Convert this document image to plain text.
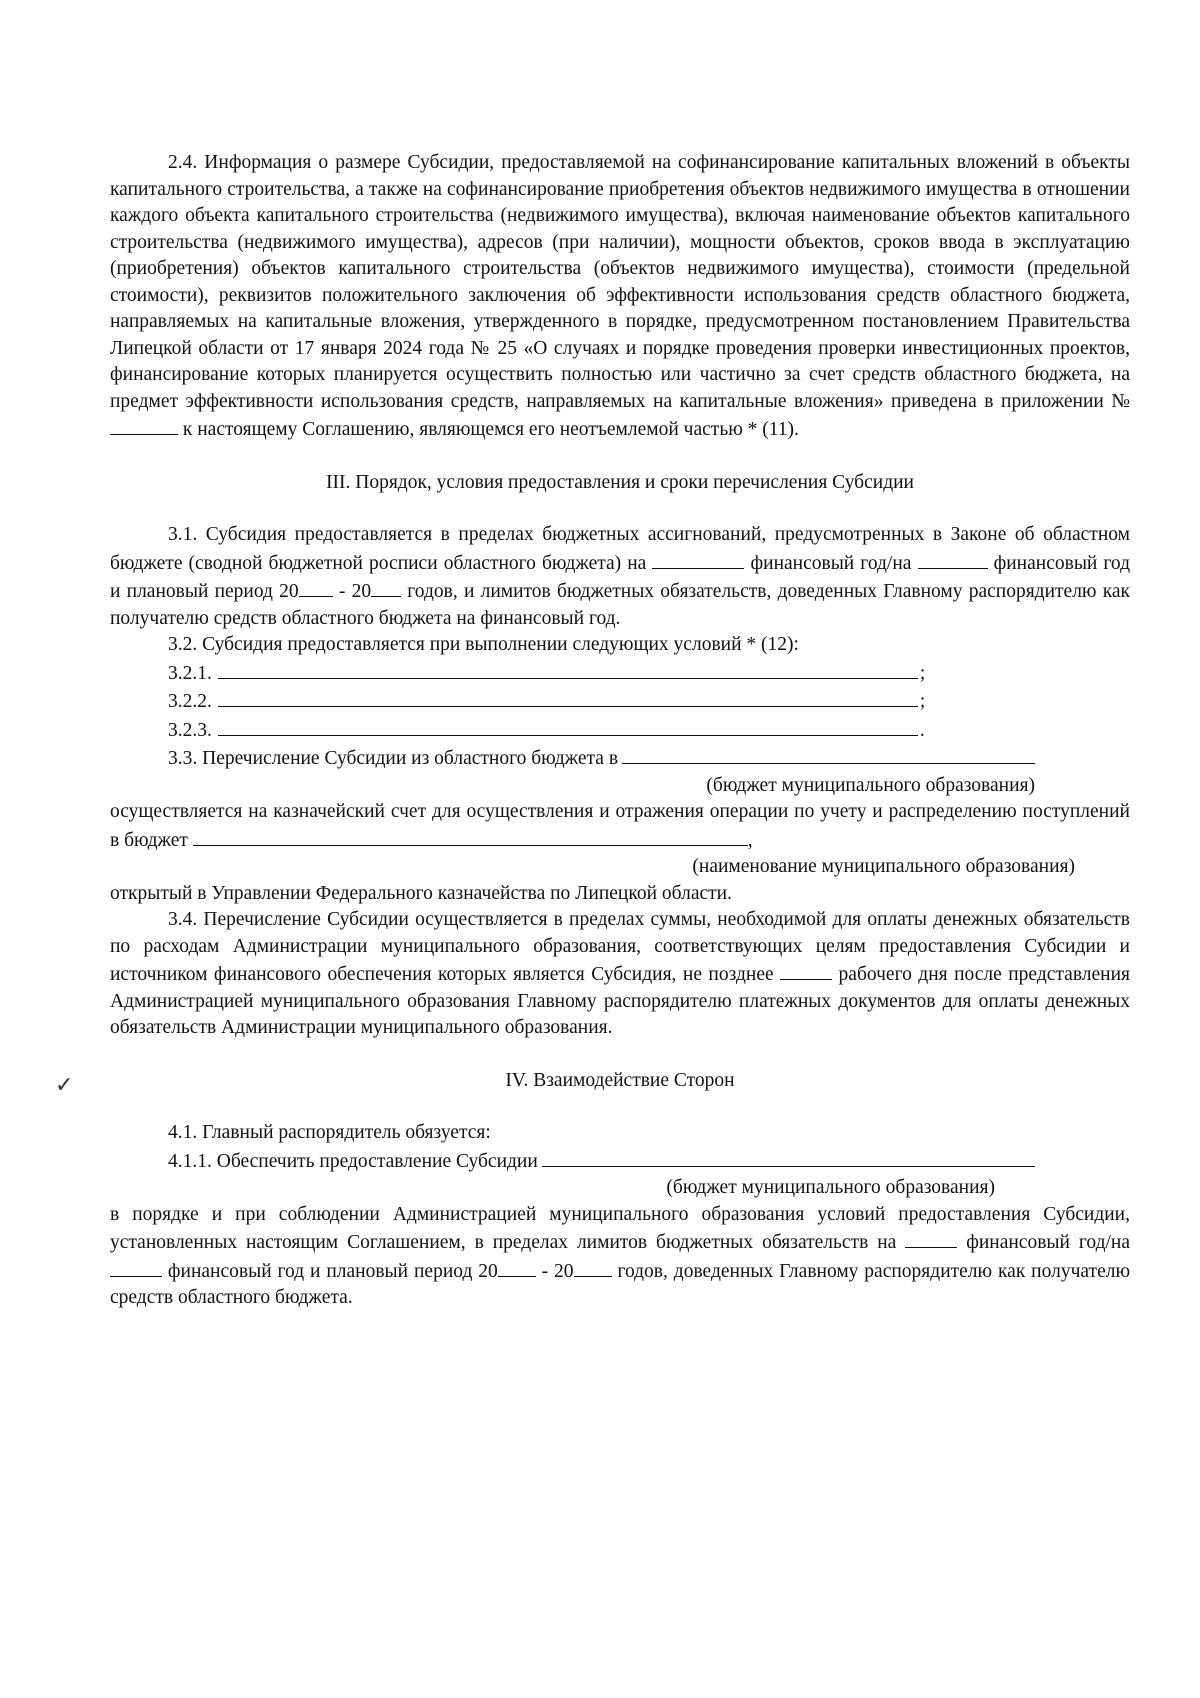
2.4. Информация о размере Субсидии, предоставляемой на софинансирование капитальных вложений в объекты капитального строительства, а также на софинансирование приобретения объектов недвижимого имущества в отношении каждого объекта капитального строительства (недвижимого имущества), включая наименование объектов капитального строительства (недвижимого имущества), адресов (при наличии), мощности объектов, сроков ввода в эксплуатацию (приобретения) объектов капитального строительства (объектов недвижимого имущества), стоимости (предельной стоимости), реквизитов положительного заключения об эффективности использования средств областного бюджета, направляемых на капитальные вложения, утвержденного в порядке, предусмотренном постановлением Правительства Липецкой области от 17 января 2024 года № 25 «О случаях и порядке проведения проверки инвестиционных проектов, финансирование которых планируется осуществить полностью или частично за счет средств областного бюджета, на предмет эффективности использования средств, направляемых на капитальные вложения» приведена в приложении №  к настоящему Соглашению, являющемся его неотъемлемой частью * (11).

III. Порядок, условия предоставления и сроки перечисления Субсидии

3.1. Субсидия предоставляется в пределах бюджетных ассигнований, предусмотренных в Законе об областном бюджете (сводной бюджетной росписи областного бюджета) на	финансовый год/на	финансовый год и плановый период 20 - 20 годов, и лимитов бюджетных обязательств, доведенных Главному распорядителю как получателю средств областного бюджета на финансовый год.

3.2. Субсидия предоставляется при выполнении следующих условий * (12):

3.2.1.	;
3.2.2.	;
3.2.3.	.
3.3. Перечисление Субсидии из областного бюджета в

(бюджет муниципального образования)

осуществляется на казначейский счет для осуществления и отражения операции по учету и распределению поступлений в бюджет	,

(наименование муниципального образования)

открытый в Управлении Федерального казначейства по Липецкой области.

3.4. Перечисление Субсидии осуществляется в пределах суммы, необходимой для оплаты денежных обязательств по расходам Администрации муниципального образования, соответствующих целям предоставления Субсидии и источником финансового обеспечения которых является Субсидия, не позднее	рабочего дня после представления Администрацией муниципального образования Главному распорядителю платежных документов для оплаты денежных обязательств Администрации муниципального образования.

IV. Взаимодействие Сторон

4.1. Главный распорядитель обязуется:

4.1.1. Обеспечить предоставление Субсидии

(бюджет муниципального образования)

в порядке и при соблюдении Администрацией муниципального образования условий предоставления Субсидии, установленных настоящим Соглашением, в пределах лимитов бюджетных обязательств на	финансовый год/на  финансовый год и плановый период 20 - 20 годов, доведенных Главному распорядителю как получателю средств областного бюджета.

✓
